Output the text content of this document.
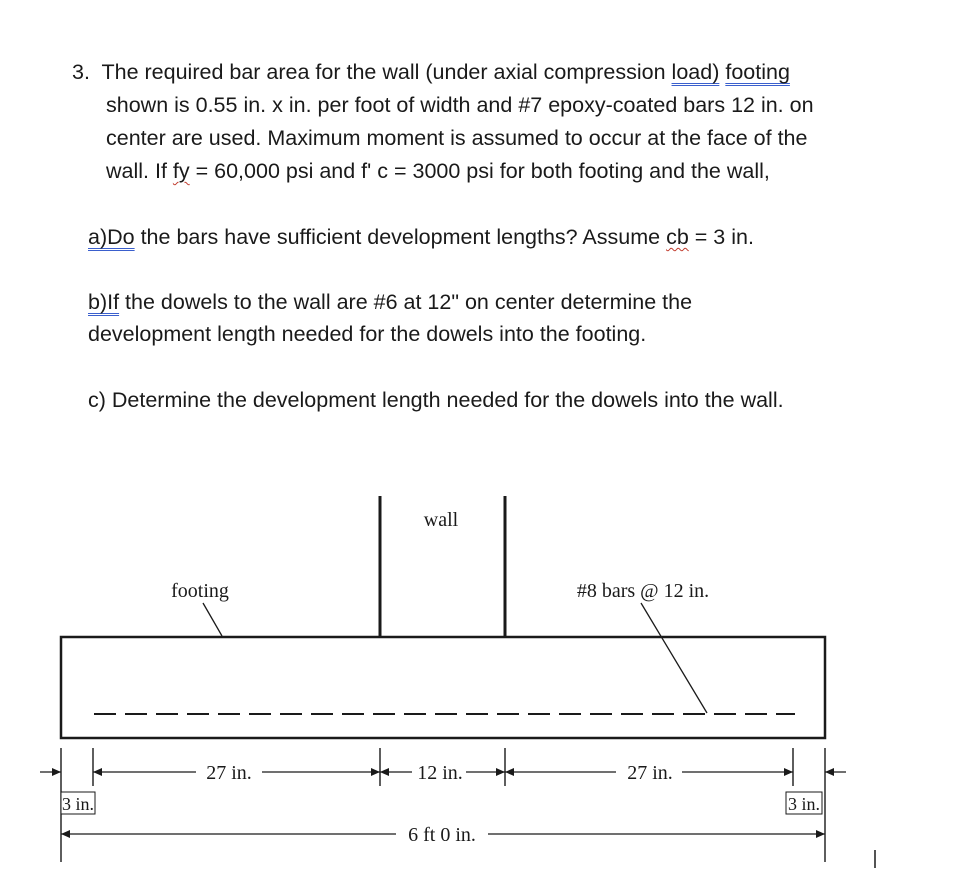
3. The required bar area for the wall (under axial compression load) footing
shown is 0.55 in. x in. per foot of width and #7 epoxy-coated bars 12 in. on
center are used. Maximum moment is assumed to occur at the face of the
wall. If fy = 60,000 psi and f' c = 3000 psi for both footing and the wall,
a)Do the bars have sufficient development lengths? Assume cb = 3 in.
b)If the dowels to the wall are #6 at 12" on center determine the
development length needed for the dowels into the footing.
c) Determine the development length needed for the dowels into the wall.
wall
footing	#8 bars @ 12 in.
27 in.	12 in.	27 in.
3 in.	3 in.
6 ft 0 in.
